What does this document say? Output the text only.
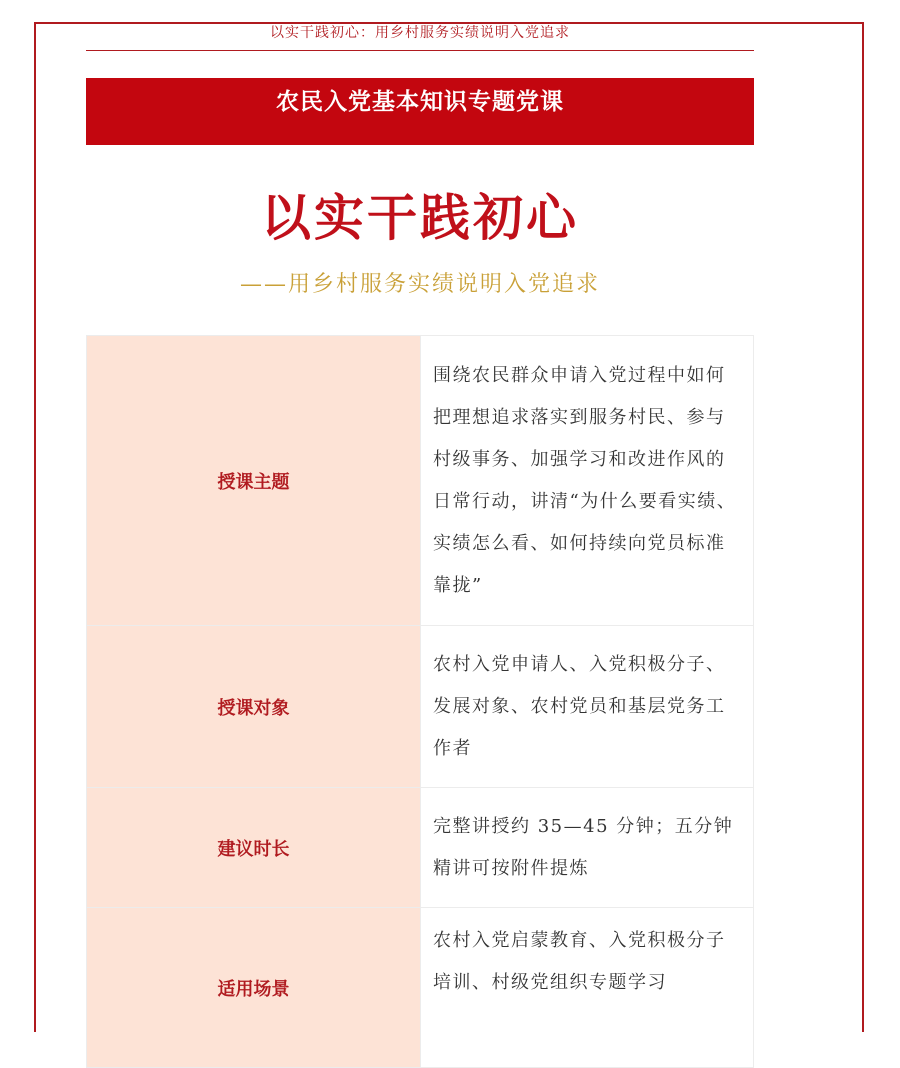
以实干践初心：用乡村服务实绩说明入党追求
农民入党基本知识专题党课
以实干践初心
——用乡村服务实绩说明入党追求
授课主题	围绕农民群众申请入党过程中如何把理想追求落实到服务村民、参与村级事务、加强学习和改进作风的日常行动，讲清“为什么要看实绩、实绩怎么看、如何持续向党员标准靠拢”
授课对象	农村入党申请人、入党积极分子、发展对象、农村党员和基层党务工作者
建议时长	完整讲授约 35—45 分钟；五分钟精讲可按附件提炼
适用场景	农村入党启蒙教育、入党积极分子培训、村级党组织专题学习
